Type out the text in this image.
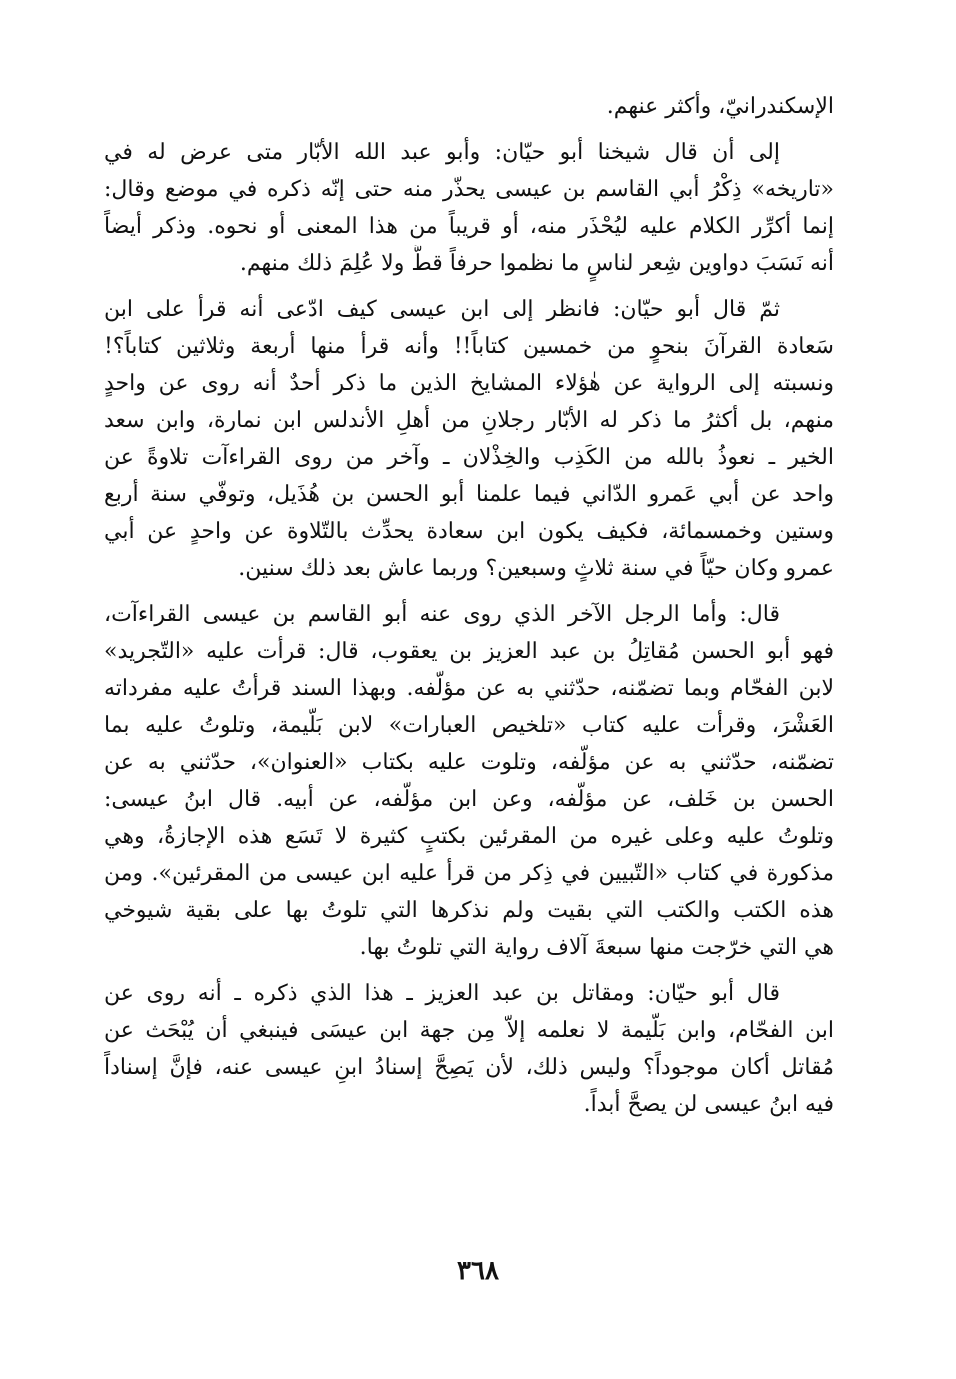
الإسكندرانيّ، وأكثر عنهم.
إلى أن قال شيخنا أبو حيّان: وأبو عبد الله الأبّار متى عرض له في
«تاريخه» ذِكْرُ أبي القاسم بن عيسى يحذّر منه حتى إنّه ذكره في موضع وقال:
إنما أكرِّر الكلام عليه ليُحْذَر منه، أو قريباً من هذا المعنى أو نحوه. وذكر أيضاً
أنه نَسَبَ دواوين شِعر لناسٍ ما نظموا حرفاً قطُّ ولا عُلِمَ ذلك منهم.
ثمّ قال أبو حيّان: فانظر إلى ابن عيسى كيف ادّعى أنه قرأ على ابن
سَعادة القرآنَ بنحوٍ من خمسين كتاباً!! وأنه قرأ منها أربعة وثلاثين كتاباً؟!
ونسبته إلى الرواية عن هٰؤلاء المشايخ الذين ما ذكر أحدٌ أنه روى عن واحدٍ
منهم، بل أكثرُ ما ذكر له الأبّار رجلانِ من أهلِ الأندلس ابن نمارة، وابن سعد
الخير ـ نعوذُ بالله من الكَذِب والخِذْلان ـ وآخر من روى القراءآت تلاوةً عن
واحد عن أبي عَمرو الدّاني فيما علمنا أبو الحسن بن هُذَيل، وتوفّي سنة أربع
وستين وخمسمائة، فكيف يكون ابن سعادة يحدِّث بالتّلاوة عن واحدٍ عن أبي
عمرو وكان حيّاً في سنة ثلاثٍ وسبعين؟ وربما عاش بعد ذلك سنين.
قال: وأما الرجل الآخر الذي روى عنه أبو القاسم بن عيسى القراءآت،
فهو أبو الحسن مُقاتِلُ بن عبد العزيز بن يعقوب، قال: قرأت عليه «التّجريد»
لابن الفحّام وبما تضمّنه، حدّثني به عن مؤلّفه. وبهذا السند قرأتُ عليه مفرداته
العَشْرَ، وقرأت عليه كتاب «تلخيص العبارات» لابن بَلّيمة، وتلوتُ عليه بما
تضمّنه، حدّثني به عن مؤلّفه، وتلوت عليه بكتاب «العنوان»، حدّثني به عن
الحسن بن خَلف، عن مؤلّفه، وعن ابن مؤلّفه، عن أبيه. قال ابنُ عيسى:
وتلوتُ عليه وعلى غيره من المقرئين بكتبٍ كثيرة لا تَسَع هذه الإجازةُ، وهي
مذكورة في كتاب «التّبيين في ذِكر من قرأ عليه ابن عيسى من المقرئين». ومن
هذه الكتب والكتب التي بقيت ولم نذكرها التي تلوتُ بها على بقية شيوخي
هي التي خرّجت منها سبعةَ آلاف رواية التي تلوتُ بها.
قال أبو حيّان: ومقاتل بن عبد العزيز ـ هذا الذي ذكره ـ أنه روى عن
ابن الفحّام، وابن بَلّيمة لا نعلمه إلاّ مِن جهة ابن عيسَى فينبغي أن يُبْحَث عن
مُقاتل أكان موجوداً؟ وليس ذلك، لأن يَصِحَّ إسنادُ ابنِ عيسى عنه، فإنَّ إسناداً
فيه ابنُ عيسى لن يصحَّ أبداً.
٣٦٨
